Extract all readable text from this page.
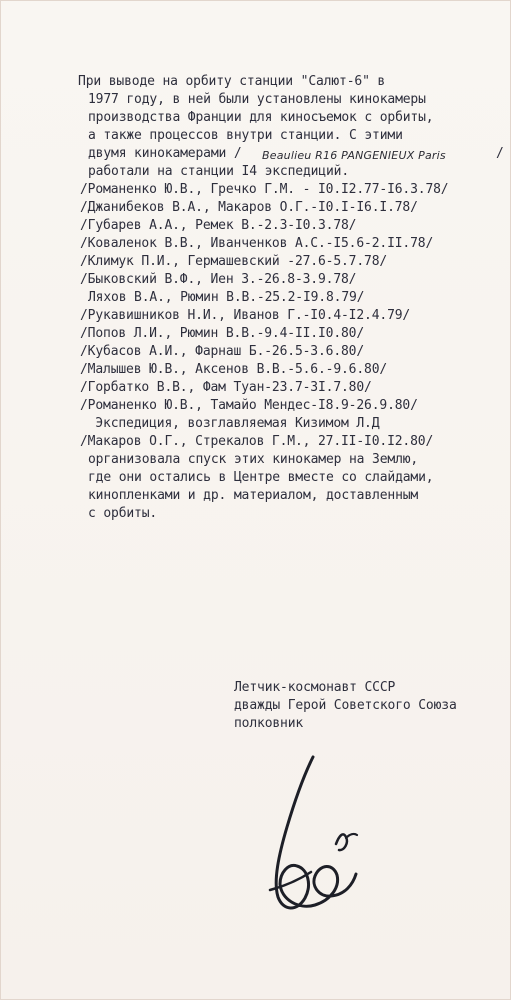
При выводе на орбиту станции "Салют-6" в
1977 году, в ней были установлены кинокамеры
производства Франции для киносъемок с орбиты,
а также процессов внутри станции. С этими
двумя кинокамерами / Beaulieu R16 PANGENIEUX Paris	/
работали на станции I4 экспедиций.
/Романенко Ю.В., Гречко Г.М. - I0.I2.77-I6.3.78/
/Джанибеков В.А., Макаров О.Г.-I0.I-I6.I.78/
/Губарев А.А., Ремек В.-2.3-I0.3.78/
/Коваленок В.В., Иванченков А.С.-I5.6-2.II.78/
/Климук П.И., Гермашевский -27.6-5.7.78/
/Быковский В.Ф., Иен З.-26.8-3.9.78/
Ляхов В.А., Рюмин В.В.-25.2-I9.8.79/
/Рукавишников Н.И., Иванов Г.-I0.4-I2.4.79/
/Попов Л.И., Рюмин В.В.-9.4-II.I0.80/
/Кубасов А.И., Фарнаш Б.-26.5-3.6.80/
/Малышев Ю.В., Аксенов В.В.-5.6.-9.6.80/
/Горбатко В.В., Фам Туан-23.7-3I.7.80/
/Романенко Ю.В., Тамайо Мендес-I8.9-26.9.80/
Экспедиция, возглавляемая Кизимом Л.Д
/Макаров О.Г., Стрекалов Г.М., 27.II-I0.I2.80/
организовала спуск этих кинокамер на Землю,
где они остались в Центре вместе со слайдами,
кинопленками и др. материалом, доставленным
с орбиты.
Летчик-космонавт СССР
дважды Герой Советского Союза
полковник
